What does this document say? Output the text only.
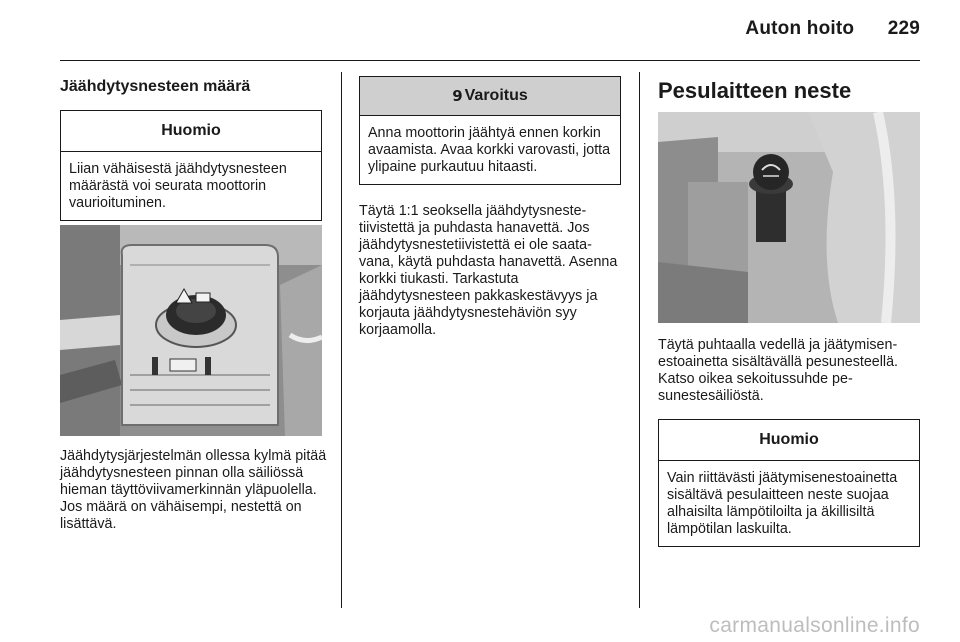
Auton hoito 229
Jäähdytysnesteen määrä
Huomio
Liian vähäisestä jäähdytysnesteen määrästä voi seurata moottorin vaurioituminen.

Jäähdytysjärjestelmän ollessa kylmä pitää jäähdytysnesteen pinnan olla säiliössä hieman täyttöviivamerkinnän yläpuolella. Jos määrä on vähäisempi, nestettä on lisättävä.

9 Varoitus
Anna moottorin jäähtyä ennen korkin avaamista. Avaa korkki varovasti, jotta ylipaine purkautuu hitaasti.

Täytä 1:1 seoksella jäähdytysnestetiivistettä ja puhdasta hanavettä. Jos jäähdytysnestetiivistettä ei ole saatavana, käytä puhdasta hanavettä. Asenna korkki tiukasti. Tarkastuta jäähdytysnesteen pakkaskestävyys ja korjauta jäähdytysnestehäviön syy korjaamolla.

Pesulaitteen neste

Täytä puhtaalla vedellä ja jäätymisenestoainetta sisältävällä pesunesteellä. Katso oikea sekoitussuhde pesunestesäiliöstä.

Huomio
Vain riittävästi jäätymisenestoainetta sisältävä pesulaitteen neste suojaa alhaisilta lämpötiloilta ja äkillisiltä lämpötilan laskuilta.
carmanualsonline.info
